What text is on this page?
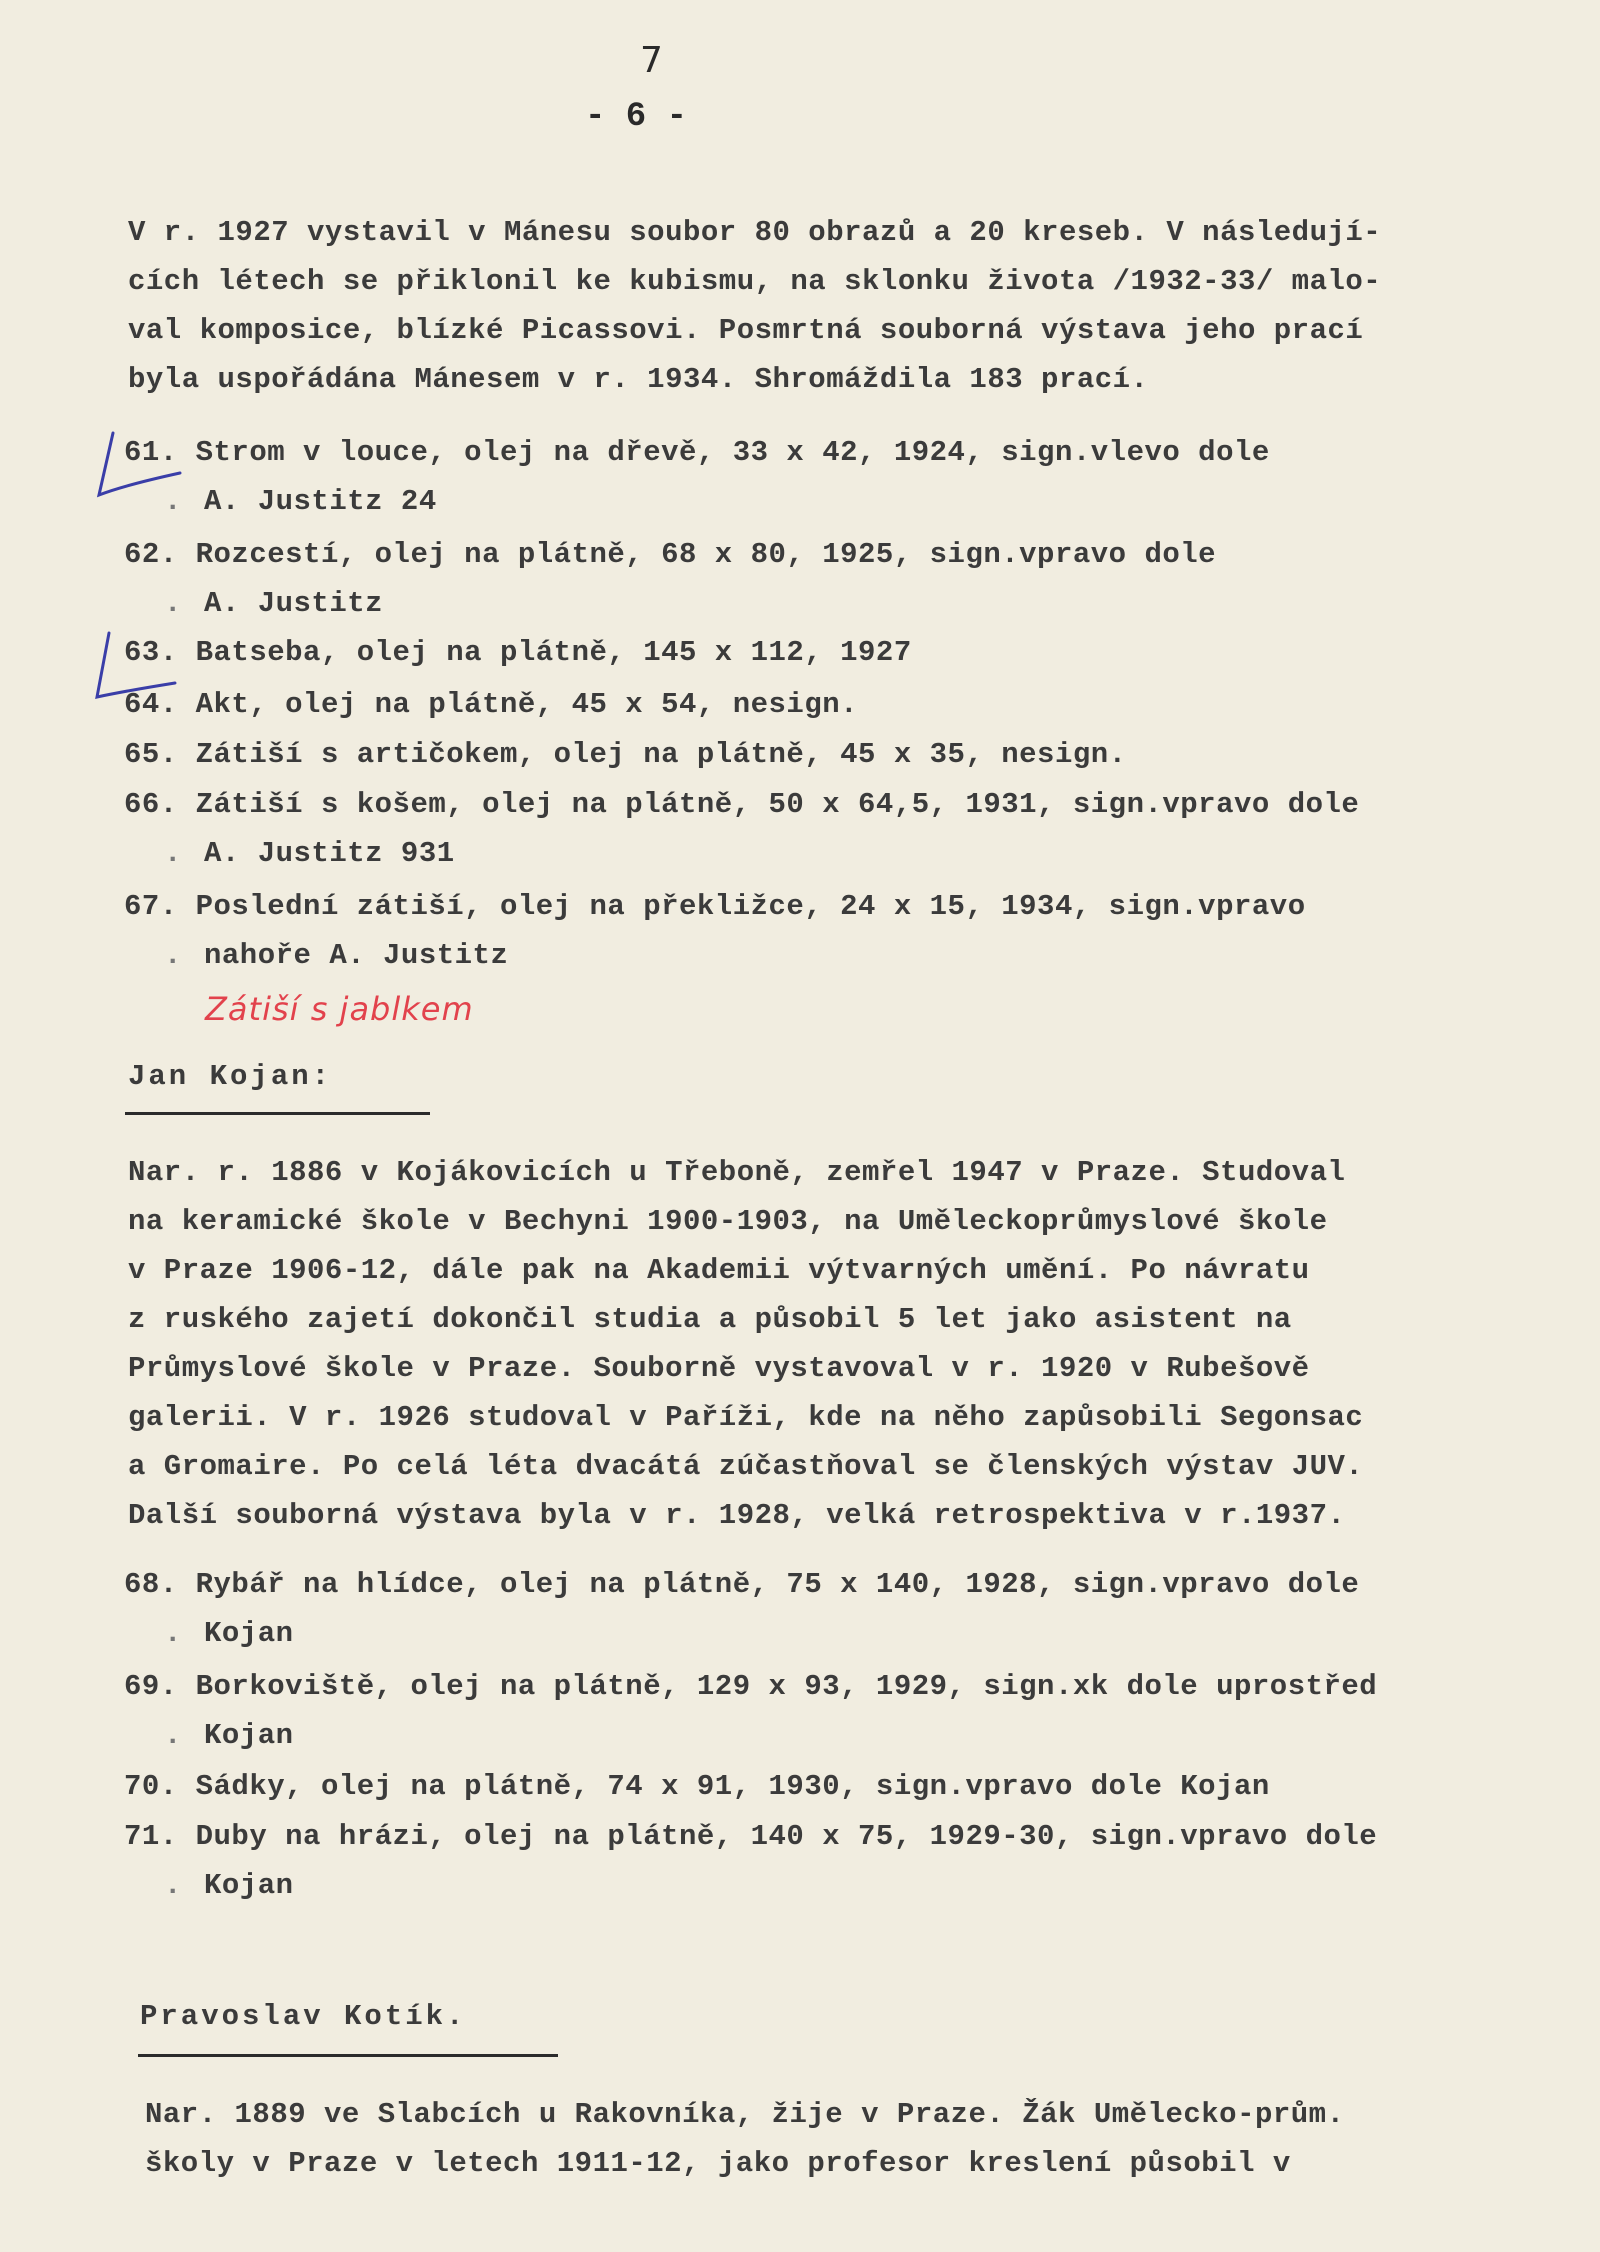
7
- 6 -

V r. 1927 vystavil v Mánesu soubor 80 obrazů a 20 kreseb. V následují-
cích létech se přiklonil ke kubismu, na sklonku života /1932-33/ malo-
val komposice, blízké Picassovi. Posmrtná souborná výstava jeho prací
byla uspořádána Mánesem v r. 1934. Shromáždila 183 prací.

61. Strom v louce, olej na dřevě, 33 x 42, 1924, sign.vlevo dole
. A. Justitz 24
62. Rozcestí, olej na plátně, 68 x 80, 1925, sign.vpravo dole
. A. Justitz
63. Batseba, olej na plátně, 145 x 112, 1927
64. Akt, olej na plátně, 45 x 54, nesign.
65. Zátiší s artičokem, olej na plátně, 45 x 35, nesign.
66. Zátiší s košem, olej na plátně, 50 x 64,5, 1931, sign.vpravo dole
. A. Justitz 931
67. Poslední zátiší, olej na překližce, 24 x 15, 1934, sign.vpravo
. nahoře A. Justitz
Zátiší s jablkem
Jan Kojan:

Nar. r. 1886 v Kojákovicích u Třeboně, zemřel 1947 v Praze. Studoval
na keramické škole v Bechyni 1900-1903, na Uměleckoprůmyslové škole
v Praze 1906-12, dále pak na Akademii výtvarných umění. Po návratu
z ruského zajetí dokončil studia a působil 5 let jako asistent na
Průmyslové škole v Praze. Souborně vystavoval v r. 1920 v Rubešově
galerii. V r. 1926 studoval v Paříži, kde na něho zapůsobili Segonsac
a Gromaire. Po celá léta dvacátá zúčastňoval se členských výstav JUV.
Další souborná výstava byla v r. 1928, velká retrospektiva v r.1937.

68. Rybář na hlídce, olej na plátně, 75 x 140, 1928, sign.vpravo dole
. Kojan
69. Borkoviště, olej na plátně, 129 x 93, 1929, sign.xk dole uprostřed
. Kojan
70. Sádky, olej na plátně, 74 x 91, 1930, sign.vpravo dole Kojan
71. Duby na hrázi, olej na plátně, 140 x 75, 1929-30, sign.vpravo dole
. Kojan
Pravoslav Kotík.

Nar. 1889 ve Slabcích u Rakovníka, žije v Praze. Žák Umělecko-prům.
školy v Praze v letech 1911-12, jako profesor kreslení působil v
